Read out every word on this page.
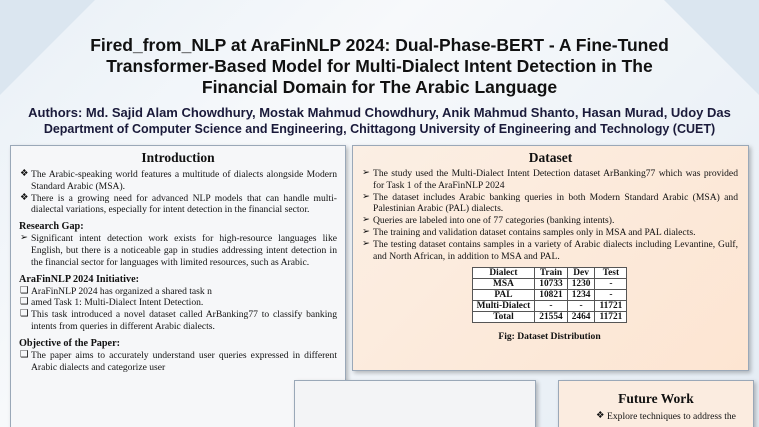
Fired_from_NLP at AraFinNLP 2024: Dual-Phase-BERT - A Fine-Tuned
Transformer-Based Model for Multi-Dialect Intent Detection in The
Financial Domain for The Arabic Language
Authors: Md. Sajid Alam Chowdhury, Mostak Mahmud Chowdhury, Anik Mahmud Shanto, Hasan Murad, Udoy Das
Department of Computer Science and Engineering, Chittagong University of Engineering and Technology (CUET)
Introduction
❖ The Arabic-speaking world features a multitude of dialects alongside Modern Standard Arabic (MSA).
❖ There is a growing need for advanced NLP models that can handle multi-dialectal variations, especially for intent detection in the financial sector.
Research Gap:
➢ Significant intent detection work exists for high-resource languages like English, but there is a noticeable gap in studies addressing intent detection in the financial sector for languages with limited resources, such as Arabic.
AraFinNLP 2024 Initiative:
❑ AraFinNLP 2024 has organized a shared task n
❑ amed Task 1: Multi-Dialect Intent Detection.
❑ This task introduced a novel dataset called ArBanking77 to classify banking intents from queries in different Arabic dialects.
Objective of the Paper:
❑ The paper aims to accurately understand user queries expressed in different Arabic dialects and categorize user
Dataset
➢ The study used the Multi-Dialect Intent Detection dataset ArBanking77 which was provided for Task 1 of the AraFinNLP 2024
➢ The dataset includes Arabic banking queries in both Modern Standard Arabic (MSA) and Palestinian Arabic (PAL) dialects.
➢ Queries are labeled into one of 77 categories (banking intents).
➢ The training and validation dataset contains samples only in MSA and PAL dialects.
➢ The testing dataset contains samples in a variety of Arabic dialects including Levantine, Gulf, and North African, in addition to MSA and PAL.
Dialect	Train	Dev	Test
MSA	10733	1230	-
PAL	10821	1234	-
Multi-Dialect	-	-	11721
Total	21554	2464	11721
Fig: Dataset Distribution
Future Work
❖ Explore techniques to address the
